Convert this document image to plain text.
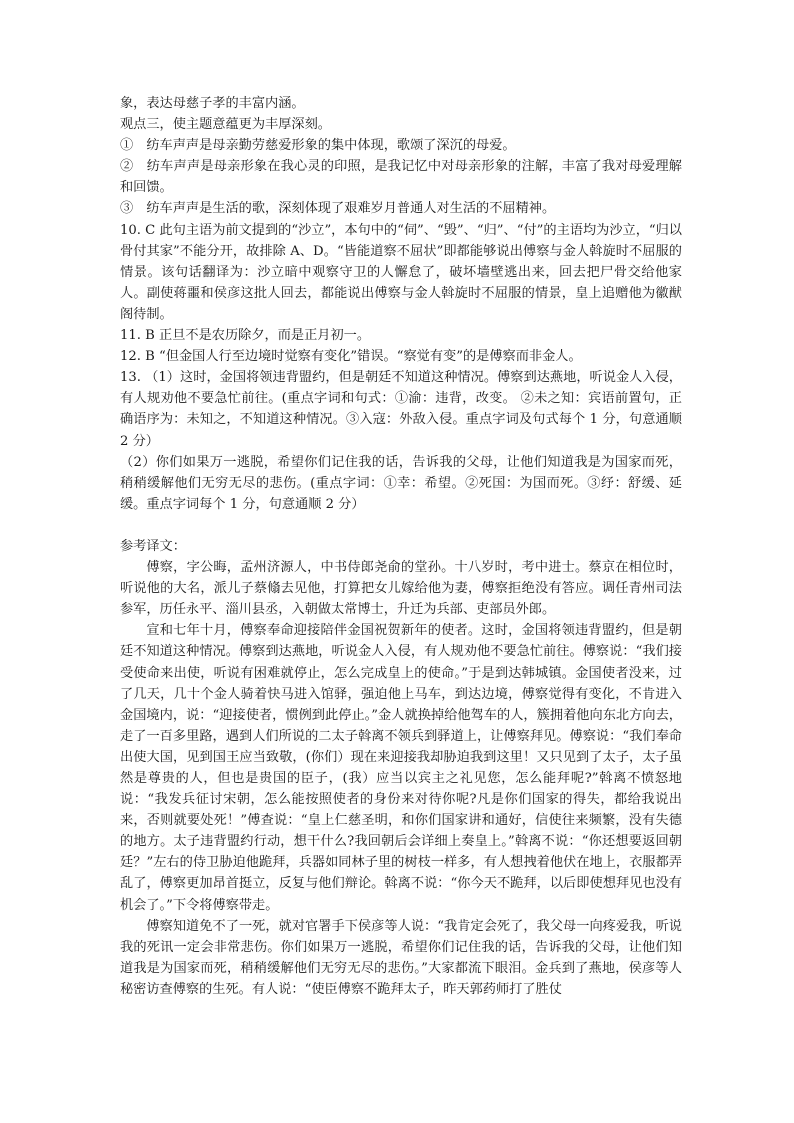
象，表达母慈子孝的丰富内涵。

观点三，使主题意蕴更为丰厚深刻。

①　纺车声声是母亲勤劳慈爱形象的集中体现，歌颂了深沉的母爱。

②　纺车声声是母亲形象在我心灵的印照，是我记忆中对母亲形象的注解，丰富了我对母爱理解和回馈。

③　纺车声声是生活的歌，深刻体现了艰难岁月普通人对生活的不屈精神。

10. C 此句主语为前文提到的“沙立”，本句中的“伺”、“毁”、“归”、“付”的主语均为沙立，“归以骨付其家”不能分开，故排除 A、D。“皆能道察不屈状”即都能够说出傅察与金人斡旋时不屈服的情景。该句话翻译为：沙立暗中观察守卫的人懈怠了，破坏墙壁逃出来，回去把尸骨交给他家人。副使蒋噩和侯彦这批人回去，都能说出傅察与金人斡旋时不屈服的情景，皇上追赠他为徽猷阁待制。

11. B 正旦不是农历除夕，而是正月初一。

12. B “但金国人行至边境时觉察有变化”错误。“察觉有变”的是傅察而非金人。

13. （1）这时，金国将领违背盟约，但是朝廷不知道这种情况。傅察到达燕地，听说金人入侵，有人规劝他不要急忙前往。(重点字词和句式：①渝：违背，改变。 ②未之知：宾语前置句，正确语序为：未知之，不知道这种情况。③入寇：外敌入侵。重点字词及句式每个 1 分，句意通顺 2 分）

（2）你们如果万一逃脱，希望你们记住我的话，告诉我的父母，让他们知道我是为国家而死，稍稍缓解他们无穷无尽的悲伤。(重点字词：①幸：希望。②死国：为国而死。③纾：舒缓、延缓。重点字词每个 1 分，句意通顺 2 分）

参考译文：

傅察，字公晦，孟州济源人，中书侍郎尧俞的堂孙。十八岁时，考中进士。蔡京在相位时，听说他的大名，派儿子蔡翛去见他，打算把女儿嫁给他为妻，傅察拒绝没有答应。调任青州司法参军，历任永平、淄川县丞，入朝做太常博士，升迁为兵部、吏部员外郎。

宣和七年十月，傅察奉命迎接陪伴金国祝贺新年的使者。这时，金国将领违背盟约，但是朝廷不知道这种情况。傅察到达燕地，听说金人入侵，有人规劝他不要急忙前往。傅察说：“我们接受使命来出使，听说有困难就停止，怎么完成皇上的使命。”于是到达韩城镇。金国使者没来，过了几天，几十个金人骑着快马进入馆驿，强迫他上马车，到达边境，傅察觉得有变化，不肯进入金国境内，说：“迎接使者，惯例到此停止。”金人就换掉给他驾车的人，簇拥着他向东北方向去，走了一百多里路，遇到人们所说的二太子斡离不领兵到驿道上，让傅察拜见。傅察说：“我们奉命出使大国，见到国王应当致敬，(你们）现在来迎接我却胁迫我到这里！又只见到了太子，太子虽然是尊贵的人，但也是贵国的臣子，(我）应当以宾主之礼见您，怎么能拜呢?”斡离不愤怒地说：“我发兵征讨宋朝，怎么能按照使者的身份来对待你呢?凡是你们国家的得失，都给我说出来，否则就要处死！”傅查说：“皇上仁慈圣明，和你们国家讲和通好，信使往来频繁，没有失德的地方。太子违背盟约行动，想干什么?我回朝后会详细上奏皇上。”斡离不说：“你还想要返回朝廷？”左右的侍卫胁迫他跪拜，兵器如同林子里的树枝一样多，有人想拽着他伏在地上，衣服都弄乱了，傅察更加昂首挺立，反复与他们辩论。斡离不说：“你今天不跪拜，以后即使想拜见也没有机会了。”下令将傅察带走。

傅察知道免不了一死，就对官署手下侯彦等人说：“我肯定会死了，我父母一向疼爱我，听说我的死讯一定会非常悲伤。你们如果万一逃脱，希望你们记住我的话，告诉我的父母，让他们知道我是为国家而死，稍稍缓解他们无穷无尽的悲伤。”大家都流下眼泪。金兵到了燕地，侯彦等人秘密访查傅察的生死。有人说：“使臣傅察不跪拜太子，昨天郭药师打了胜仗
